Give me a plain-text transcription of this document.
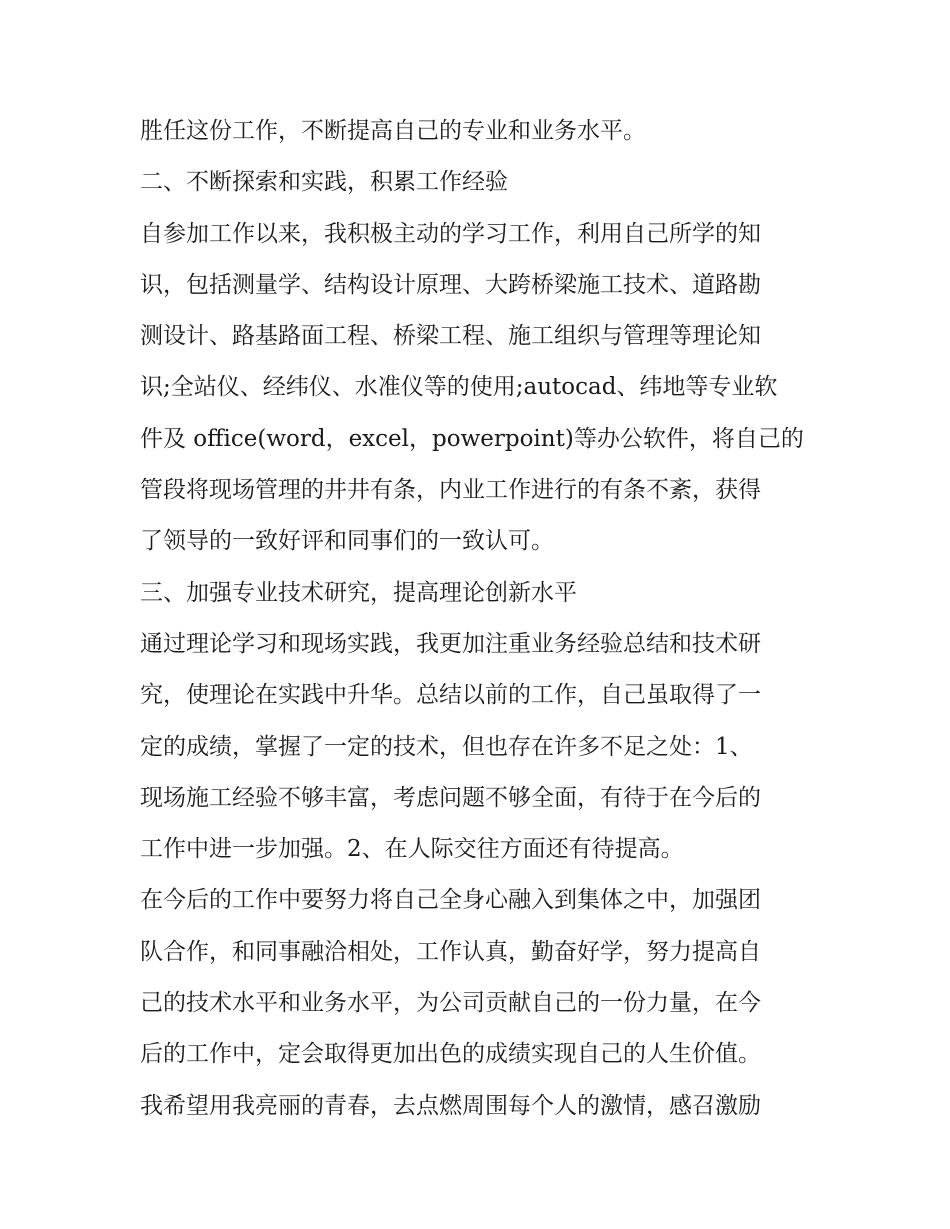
胜任这份工作，不断提高自己的专业和业务水平。
二、不断探索和实践，积累工作经验
自参加工作以来，我积极主动的学习工作，利用自己所学的知
识，包括测量学、结构设计原理、大跨桥梁施工技术、道路勘
测设计、路基路面工程、桥梁工程、施工组织与管理等理论知
识;全站仪、经纬仪、水准仪等的使用;autocad、纬地等专业软
件及 office(word，excel，powerpoint)等办公软件，将自己的
管段将现场管理的井井有条，内业工作进行的有条不紊，获得
了领导的一致好评和同事们的一致认可。
三、加强专业技术研究，提高理论创新水平
通过理论学习和现场实践，我更加注重业务经验总结和技术研
究，使理论在实践中升华。总结以前的工作，自己虽取得了一
定的成绩，掌握了一定的技术，但也存在许多不足之处：1、
现场施工经验不够丰富，考虑问题不够全面，有待于在今后的
工作中进一步加强。2、在人际交往方面还有待提高。
在今后的工作中要努力将自己全身心融入到集体之中，加强团
队合作，和同事融洽相处，工作认真，勤奋好学，努力提高自
己的技术水平和业务水平，为公司贡献自己的一份力量，在今
后的工作中，定会取得更加出色的成绩实现自己的人生价值。
我希望用我亮丽的青春，去点燃周围每个人的激情，感召激励
